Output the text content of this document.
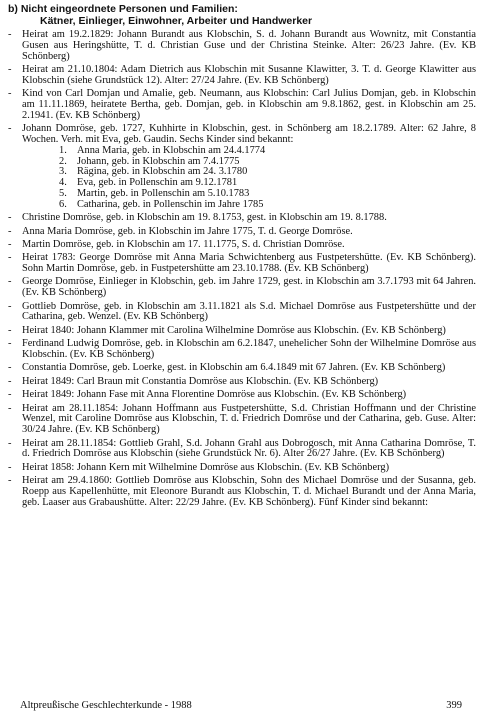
b) Nicht eingeordnete Personen und Familien:
Kätner, Einlieger, Einwohner, Arbeiter und Handwerker
- Heirat am 19.2.1829: Johann Burandt aus Klobschin, S. d. Johann Burandt aus Wownitz, mit Constantia Gusen aus Heringshütte, T. d. Christian Guse und der Christina Steinke. Alter: 26/23 Jahre. (Ev. KB Schönberg)
- Heirat am 21.10.1804: Adam Dietrich aus Klobschin mit Susanne Klawitter, 3. T. d. George Klawitter aus Klobschin (siehe Grundstück 12). Alter: 27/24 Jahre. (Ev. KB Schönberg)
- Kind von Carl Domjan und Amalie, geb. Neumann, aus Klobschin: Carl Julius Domjan, geb. in Klobschin am 11.11.1869, heiratete Bertha, geb. Domjan, geb. in Klobschin am 9.8.1862, gest. in Klobschin am 25. 2.1941. (Ev. KB Schönberg)
- Johann Domröse, geb. 1727, Kuhhirte in Klobschin, gest. in Schönberg am 18.2.1789. Alter: 62 Jahre, 8 Wochen. Verh. mit Eva, geb. Gaudin. Sechs Kinder sind bekannt:
1. Anna Maria, geb. in Klobschin am 24.4.1774
2. Johann, geb. in Klobschin am 7.4.1775
3. Rägina, geb. in Klobschin am 24. 3.1780
4. Eva, geb. in Pollenschin am 9.12.1781
5. Martin, geb. in Pollenschin am 5.10.1783
6. Catharina, geb. in Pollenschin im Jahre 1785
- Christine Domröse, geb. in Klobschin am 19. 8.1753, gest. in Klobschin am 19. 8.1788.
- Anna Maria Domröse, geb. in Klobschin im Jahre 1775, T. d. George Domröse.
- Martin Domröse, geb. in Klobschin am 17. 11.1775, S. d. Christian Domröse.
- Heirat 1783: George Domröse mit Anna Maria Schwichtenberg aus Fustpetershütte. (Ev. KB Schönberg). Sohn Martin Domröse, geb. in Fustpetershütte am 23.10.1788. (Ev. KB Schönberg)
- George Domröse, Einlieger in Klobschin, geb. im Jahre 1729, gest. in Klobschin am 3.7.1793 mit 64 Jahren. (Ev. KB Schönberg)
- Gottlieb Domröse, geb. in Klobschin am 3.11.1821 als S.d. Michael Domröse aus Fustpetershütte und der Catharina, geb. Wenzel. (Ev. KB Schönberg)
- Heirat 1840: Johann Klammer mit Carolina Wilhelmine Domröse aus Klobschin. (Ev. KB Schönberg)
- Ferdinand Ludwig Domröse, geb. in Klobschin am 6.2.1847, unehelicher Sohn der Wilhelmine Domröse aus Klobschin. (Ev. KB Schönberg)
- Constantia Domröse, geb. Loerke, gest. in Klobschin am 6.4.1849 mit 67 Jahren. (Ev. KB Schönberg)
- Heirat 1849: Carl Braun mit Constantia Domröse aus Klobschin. (Ev. KB Schönberg)
- Heirat 1849: Johann Fase mit Anna Florentine Domröse aus Klobschin. (Ev. KB Schönberg)
- Heirat am 28.11.1854: Johann Hoffmann aus Fustpetershütte, S.d. Christian Hoffmann und der Christine Wenzel, mit Caroline Domröse aus Klobschin, T. d. Friedrich Domröse und der Catharina, geb. Guse. Alter: 30/24 Jahre. (Ev. KB Schönberg)
- Heirat am 28.11.1854: Gottlieb Grahl, S.d. Johann Grahl aus Dobrogosch, mit Anna Catharina Domröse, T. d. Friedrich Domröse aus Klobschin (siehe Grundstück Nr. 6). Alter 26/27 Jahre. (Ev. KB Schönberg)
- Heirat 1858: Johann Kern mit Wilhelmine Domröse aus Klobschin. (Ev. KB Schönberg)
- Heirat am 29.4.1860: Gottlieb Domröse aus Klobschin, Sohn des Michael Domröse und der Susanna, geb. Roepp aus Kapellenhütte, mit Eleonore Burandt aus Klobschin, T. d. Michael Burandt und der Anna Maria, geb. Laaser aus Grabaushütte. Alter: 22/29 Jahre. (Ev. KB Schönberg). Fünf Kinder sind bekannt:
Altpreußische Geschlechterkunde - 1988	399
